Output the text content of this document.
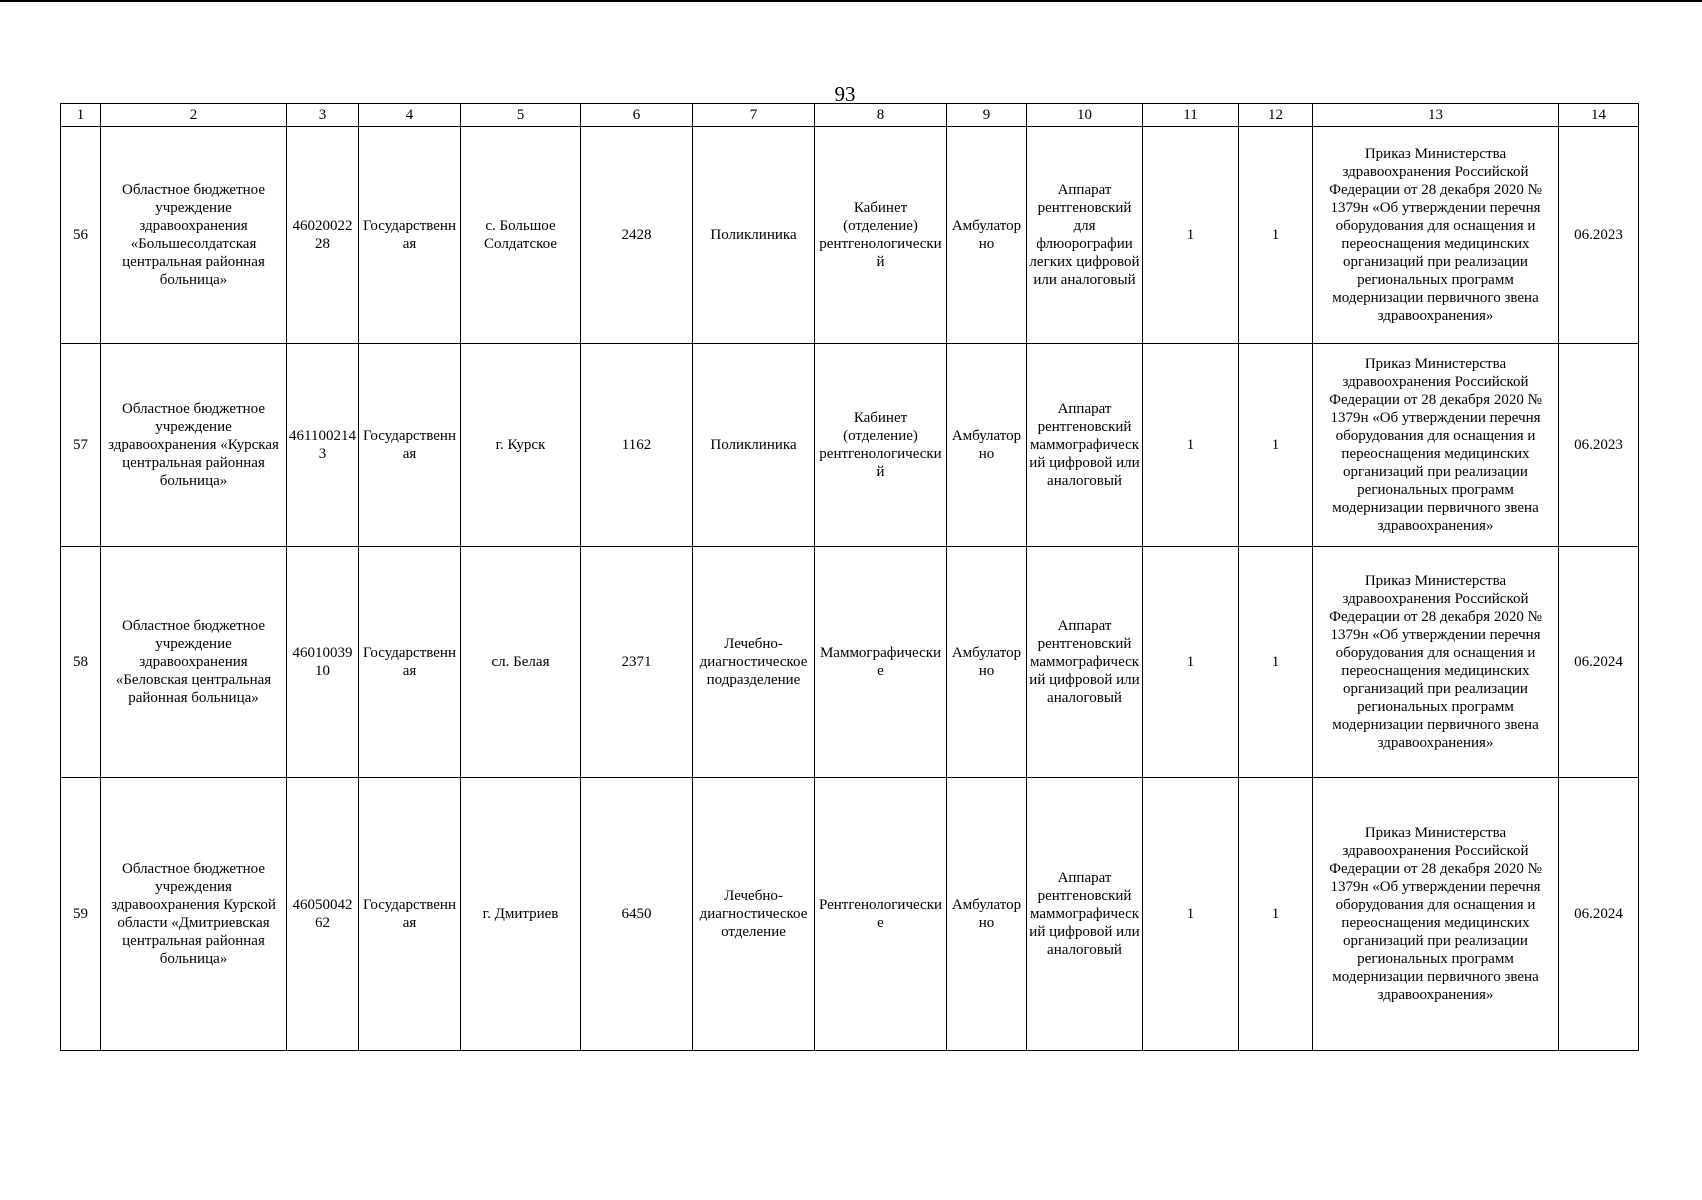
93
1	2	3	4	5	6	7	8	9	10	11	12	13	14
56	Областное бюджетное учреждение здравоохранения «Большесолдатская центральная районная больница»	4602002228	Государственная	с. Большое Солдатское	2428	Поликлиника	Кабинет (отделение) рентгенологический	Амбулаторно	Аппарат рентгеновский для флюорографии легких цифровой или аналоговый	1	1	Приказ Министерства здравоохранения Российской Федерации от 28 декабря 2020 № 1379н «Об утверждении перечня оборудования для оснащения и переоснащения медицинских организаций при реализации региональных программ модернизации первичного звена здравоохранения»	06.2023
57	Областное бюджетное учреждение здравоохранения «Курская центральная районная больница»	4611002143	Государственная	г. Курск	1162	Поликлиника	Кабинет (отделение) рентгенологический	Амбулаторно	Аппарат рентгеновский маммографический цифровой или аналоговый	1	1	Приказ Министерства здравоохранения Российской Федерации от 28 декабря 2020 № 1379н «Об утверждении перечня оборудования для оснащения и переоснащения медицинских организаций при реализации региональных программ модернизации первичного звена здравоохранения»	06.2023
58	Областное бюджетное учреждение здравоохранения «Беловская центральная районная больница»	4601003910	Государственная	сл. Белая	2371	Лечебно-диагностическое подразделение	Маммографические	Амбулаторно	Аппарат рентгеновский маммографический цифровой или аналоговый	1	1	Приказ Министерства здравоохранения Российской Федерации от 28 декабря 2020 № 1379н «Об утверждении перечня оборудования для оснащения и переоснащения медицинских организаций при реализации региональных программ модернизации первичного звена здравоохранения»	06.2024
59	Областное бюджетное учреждения здравоохранения Курской области «Дмитриевская центральная районная больница»	4605004262	Государственная	г. Дмитриев	6450	Лечебно-диагностическое отделение	Рентгенологические	Амбулаторно	Аппарат рентгеновский маммографический цифровой или аналоговый	1	1	Приказ Министерства здравоохранения Российской Федерации от 28 декабря 2020 № 1379н «Об утверждении перечня оборудования для оснащения и переоснащения медицинских организаций при реализации региональных программ модернизации первичного звена здравоохранения»	06.2024
